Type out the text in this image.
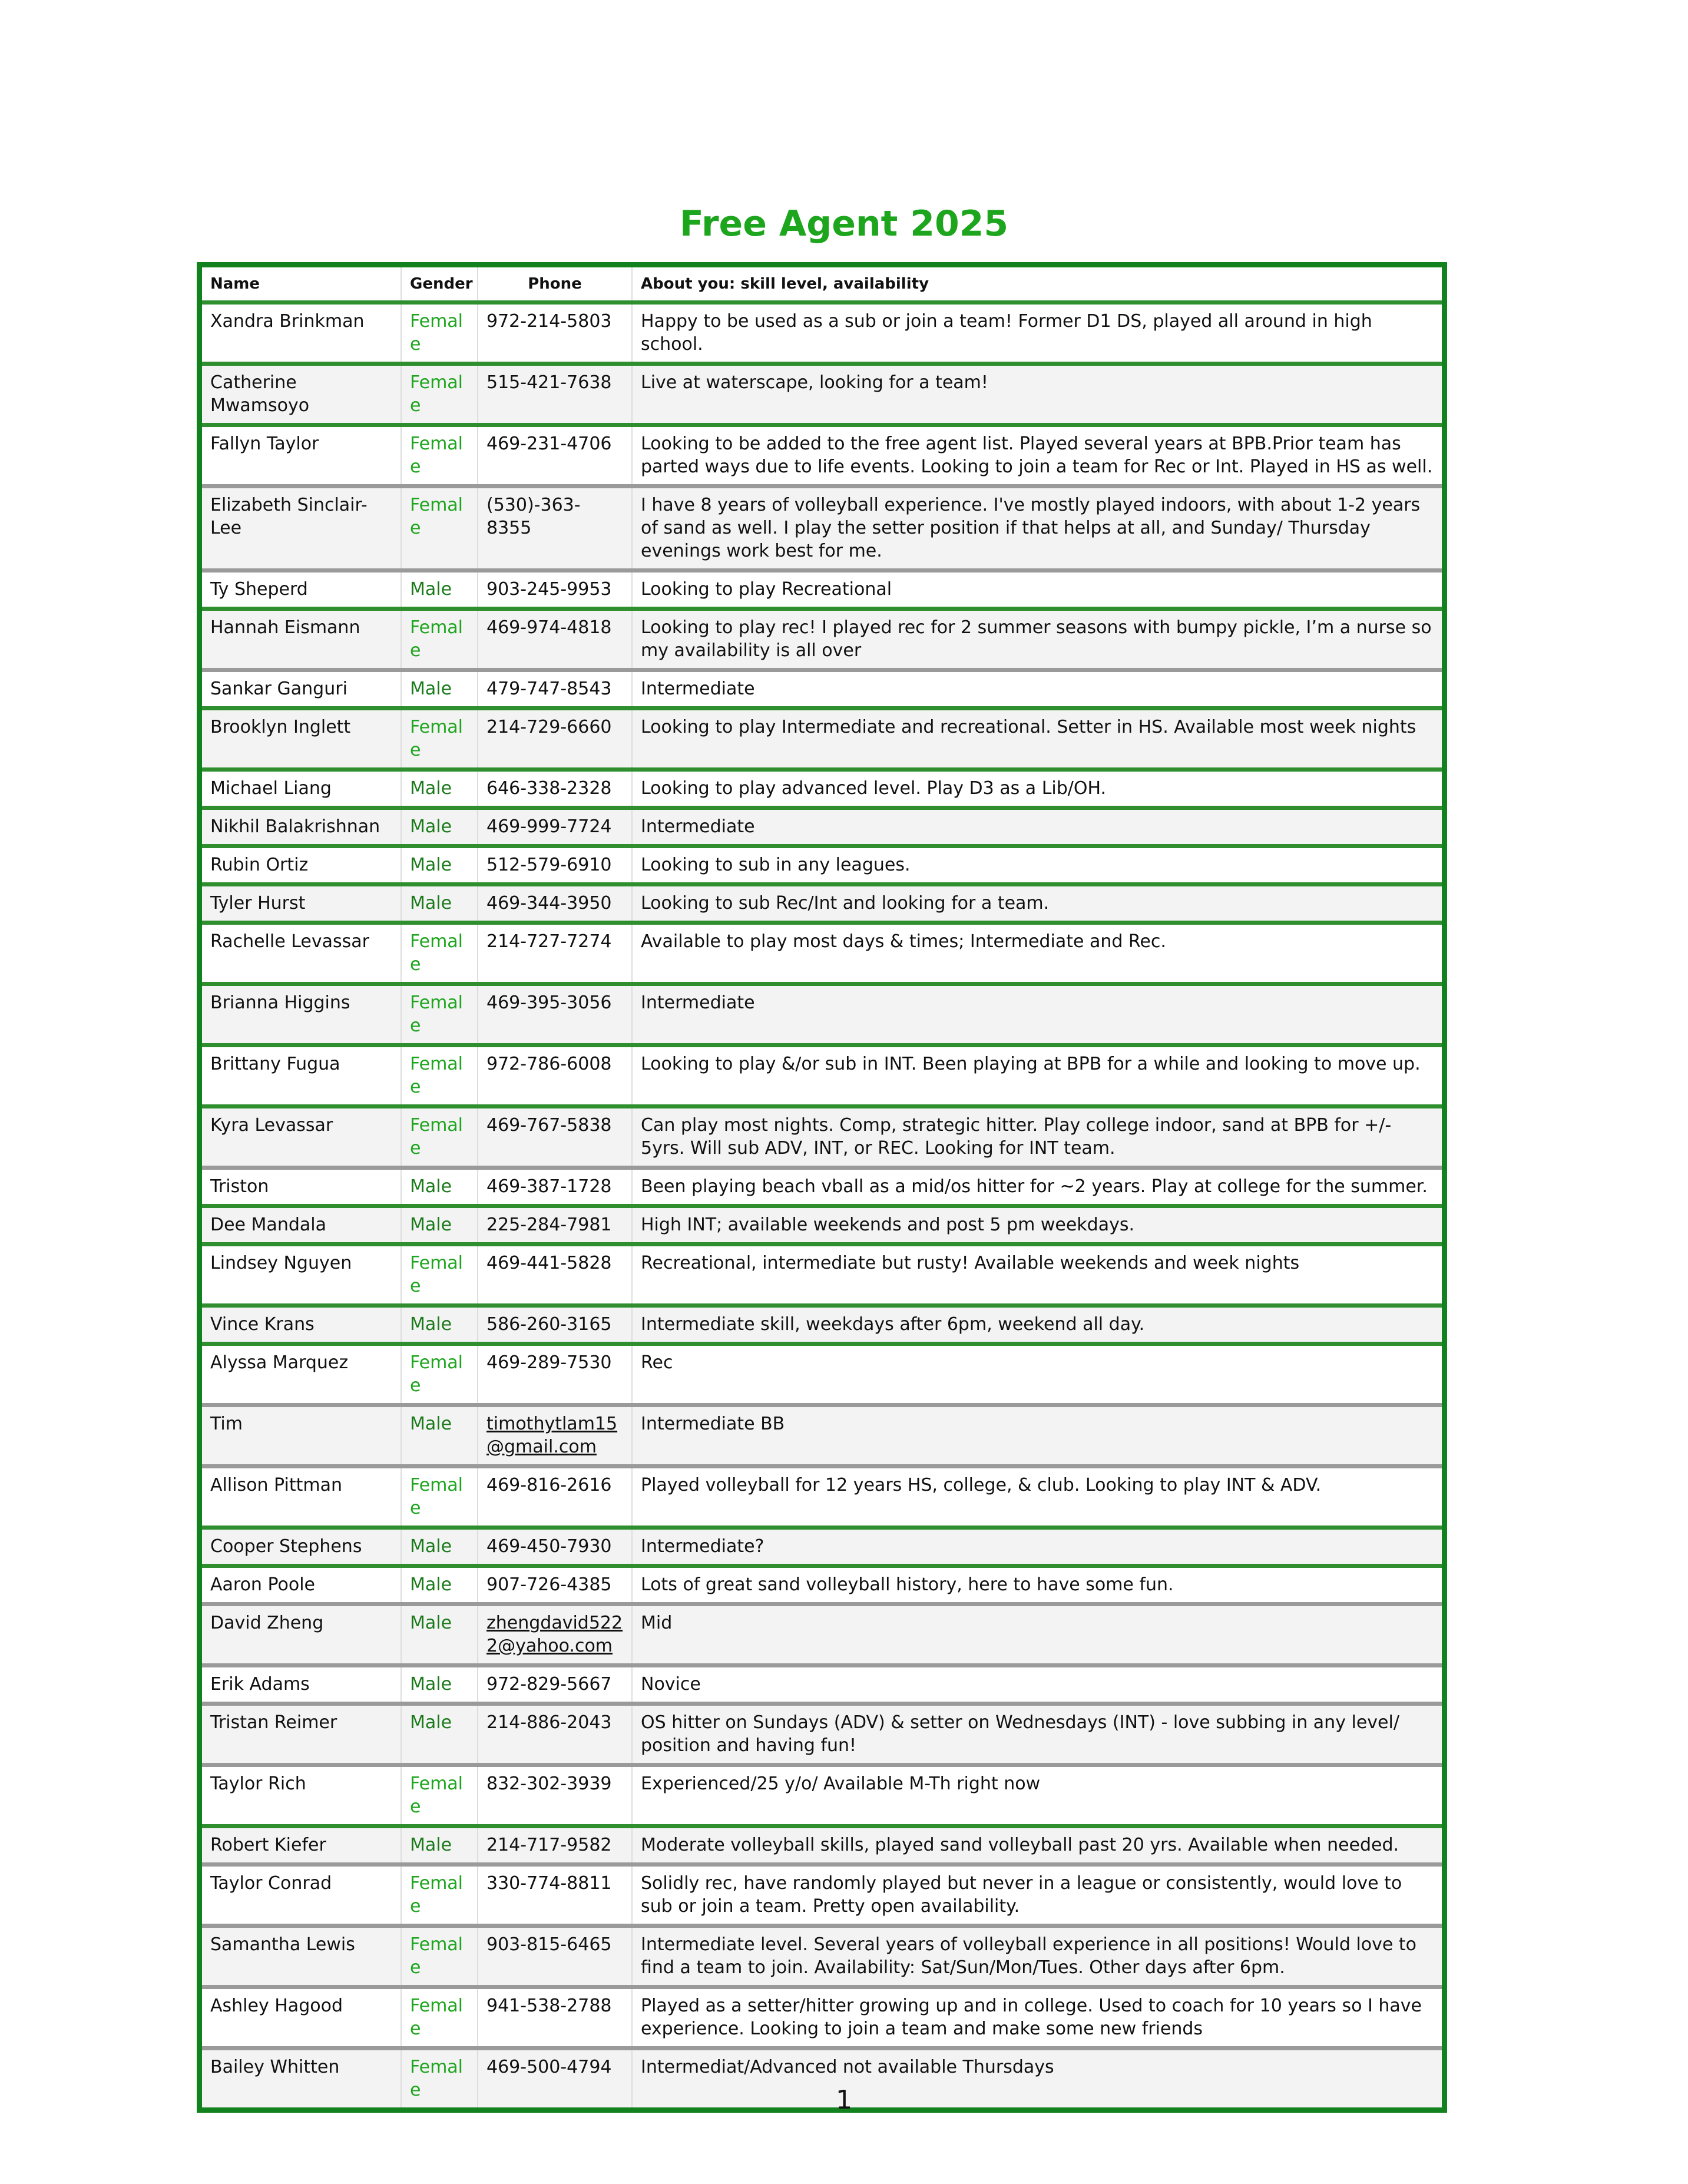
Free Agent 2025
Name	Gender	Phone	About you: skill level, availability
Xandra Brinkman	Female	972-214-5803	Happy to be used as a sub or join a team! Former D1 DS, played all around in high school.
Catherine Mwamsoyo	Female	515-421-7638	Live at waterscape, looking for a team!
Fallyn Taylor	Female	469-231-4706	Looking to be added to the free agent list. Played several years at BPB.Prior team has parted ways due to life events. Looking to join a team for Rec or Int. Played in HS as well.
Elizabeth Sinclair-Lee	Female	(530)-363-8355	I have 8 years of volleyball experience. I've mostly played indoors, with about 1-2 years of sand as well. I play the setter position if that helps at all, and Sunday/ Thursday evenings work best for me.
Ty Sheperd	Male	903-245-9953	Looking to play Recreational
Hannah Eismann	Female	469-974-4818	Looking to play rec! I played rec for 2 summer seasons with bumpy pickle, I’m a nurse so my availability is all over
Sankar Ganguri	Male	479-747-8543	Intermediate
Brooklyn Inglett	Female	214-729-6660	Looking to play Intermediate and recreational. Setter in HS. Available most week nights
Michael Liang	Male	646-338-2328	Looking to play advanced level. Play D3 as a Lib/OH.
Nikhil Balakrishnan	Male	469-999-7724	Intermediate
Rubin Ortiz	Male	512-579-6910	Looking to sub in any leagues.
Tyler Hurst	Male	469-344-3950	Looking to sub Rec/Int and looking for a team.
Rachelle Levassar	Female	214-727-7274	Available to play most days & times; Intermediate and Rec.
Brianna Higgins	Female	469-395-3056	Intermediate
Brittany Fugua	Female	972-786-6008	Looking to play &/or sub in INT. Been playing at BPB for a while and looking to move up.
Kyra Levassar	Female	469-767-5838	Can play most nights. Comp, strategic hitter. Play college indoor, sand at BPB for +/- 5yrs. Will sub ADV, INT, or REC. Looking for INT team.
Triston	Male	469-387-1728	Been playing beach vball as a mid/os hitter for ~2 years. Play at college for the summer.
Dee Mandala	Male	225-284-7981	High INT; available weekends and post 5 pm weekdays.
Lindsey Nguyen	Female	469-441-5828	Recreational, intermediate but rusty! Available weekends and week nights
Vince Krans	Male	586-260-3165	Intermediate skill, weekdays after 6pm, weekend all day.
Alyssa Marquez	Female	469-289-7530	Rec
Tim	Male	timothytlam15@gmail.com	Intermediate BB
Allison Pittman	Female	469-816-2616	Played volleyball for 12 years HS, college, & club. Looking to play INT & ADV.
Cooper Stephens	Male	469-450-7930	Intermediate?
Aaron Poole	Male	907-726-4385	Lots of great sand volleyball history, here to have some fun.
David Zheng	Male	zhengdavid5222@yahoo.com	Mid
Erik Adams	Male	972-829-5667	Novice
Tristan Reimer	Male	214-886-2043	OS hitter on Sundays (ADV) & setter on Wednesdays (INT) - love subbing in any level/ position and having fun!
Taylor Rich	Female	832-302-3939	Experienced/25 y/o/ Available M-Th right now
Robert Kiefer	Male	214-717-9582	Moderate volleyball skills, played sand volleyball past 20 yrs. Available when needed.
Taylor Conrad	Female	330-774-8811	Solidly rec, have randomly played but never in a league or consistently, would love to sub or join a team. Pretty open availability.
Samantha Lewis	Female	903-815-6465	Intermediate level. Several years of volleyball experience in all positions! Would love to find a team to join. Availability: Sat/Sun/Mon/Tues. Other days after 6pm.
Ashley Hagood	Female	941-538-2788	Played as a setter/hitter growing up and in college. Used to coach for 10 years so I have experience. Looking to join a team and make some new friends
Bailey Whitten	Female	469-500-4794	Intermediat/Advanced not available Thursdays
1
